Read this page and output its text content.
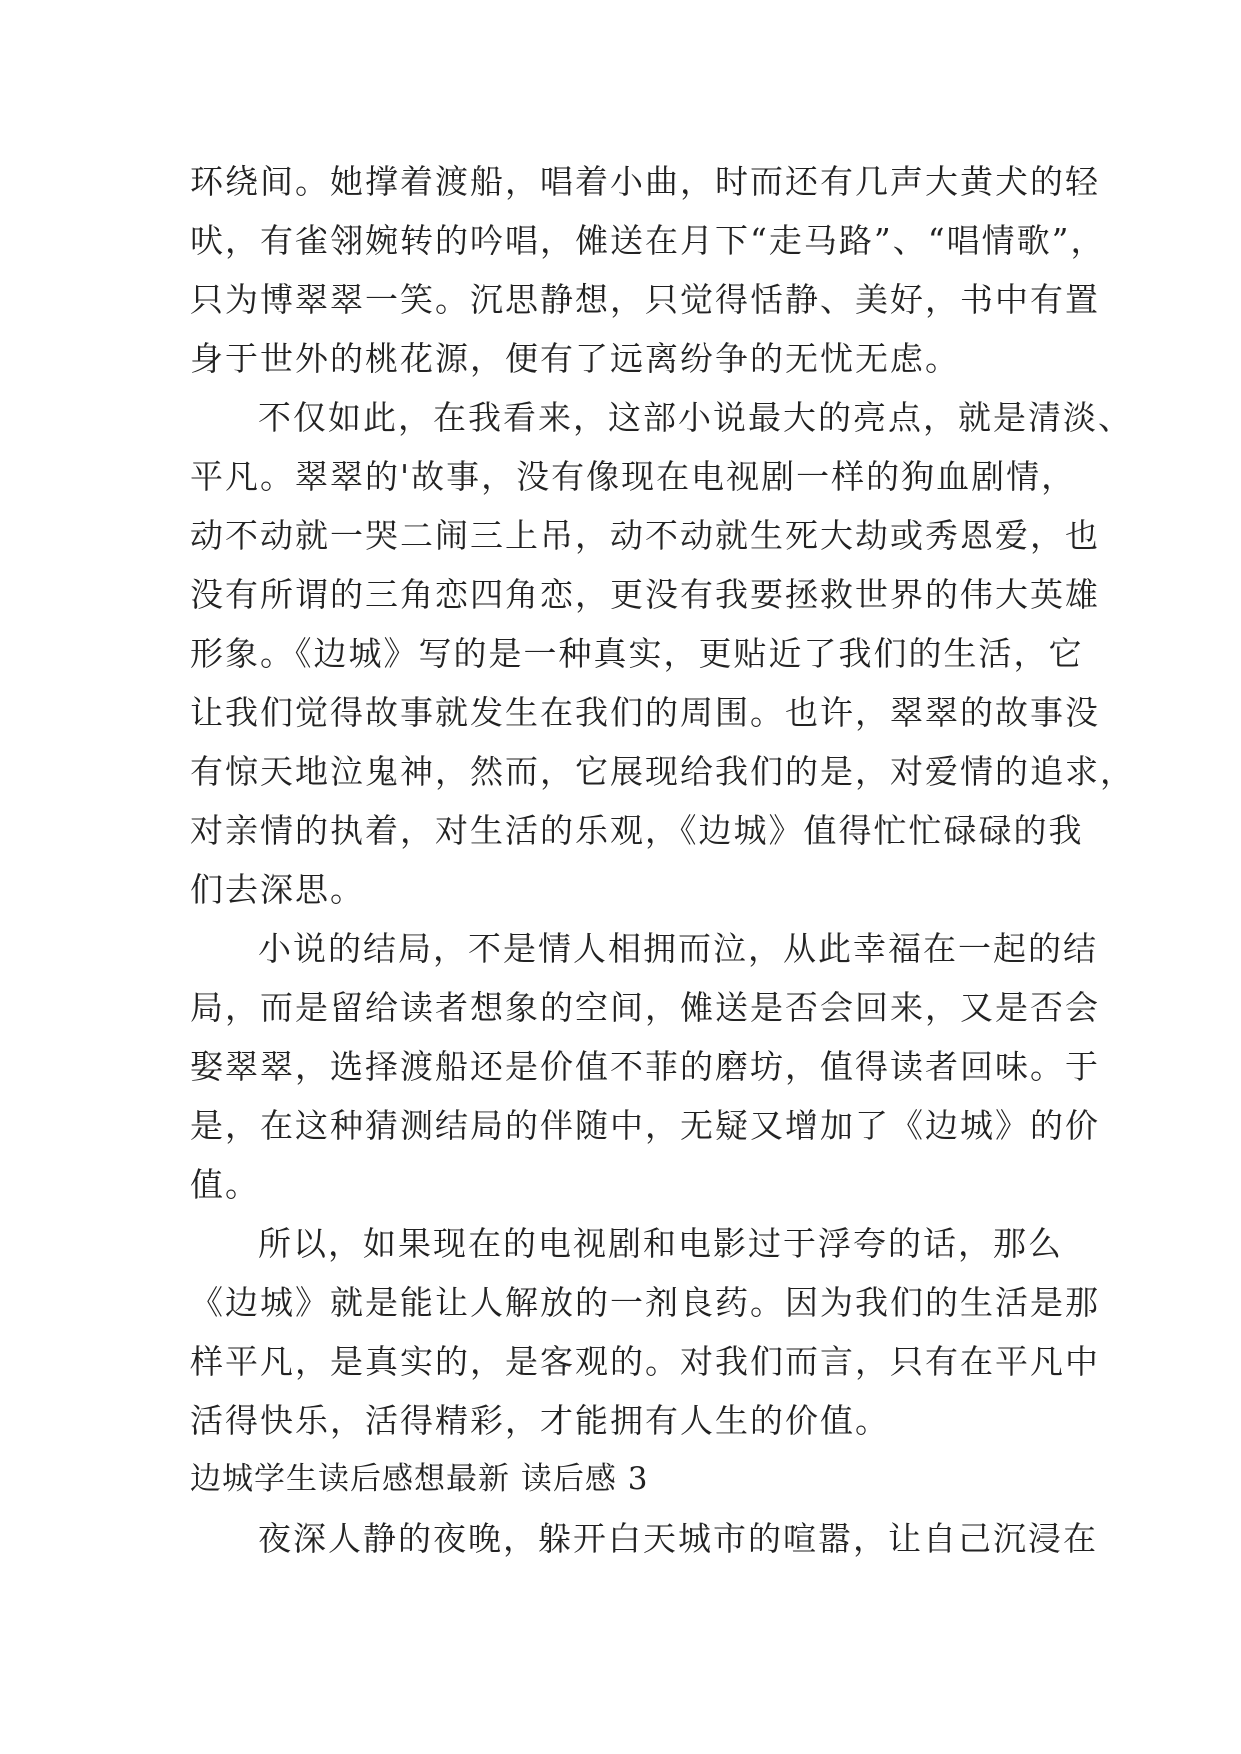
环绕间。她撑着渡船，唱着小曲，时而还有几声大黄犬的轻
吠，有雀翎婉转的吟唱，傩送在月下“走马路”、“唱情歌”，
只为博翠翠一笑。沉思静想，只觉得恬静、美好，书中有置
身于世外的桃花源，便有了远离纷争的无忧无虑。
不仅如此，在我看来，这部小说最大的亮点，就是清淡、
平凡。翠翠的'故事，没有像现在电视剧一样的狗血剧情，
动不动就一哭二闹三上吊，动不动就生死大劫或秀恩爱，也
没有所谓的三角恋四角恋，更没有我要拯救世界的伟大英雄
形象。《边城》写的是一种真实，更贴近了我们的生活，它
让我们觉得故事就发生在我们的周围。也许，翠翠的故事没
有惊天地泣鬼神，然而，它展现给我们的是，对爱情的追求，
对亲情的执着，对生活的乐观，《边城》值得忙忙碌碌的我
们去深思。
小说的结局，不是情人相拥而泣，从此幸福在一起的结
局，而是留给读者想象的空间，傩送是否会回来，又是否会
娶翠翠，选择渡船还是价值不菲的磨坊，值得读者回味。于
是，在这种猜测结局的伴随中，无疑又增加了《边城》的价
值。
所以，如果现在的电视剧和电影过于浮夸的话，那么
《边城》就是能让人解放的一剂良药。因为我们的生活是那
样平凡，是真实的，是客观的。对我们而言，只有在平凡中
活得快乐，活得精彩，才能拥有人生的价值。
边城学生读后感想最新 读后感 3
夜深人静的夜晚，躲开白天城市的喧嚣，让自己沉浸在
